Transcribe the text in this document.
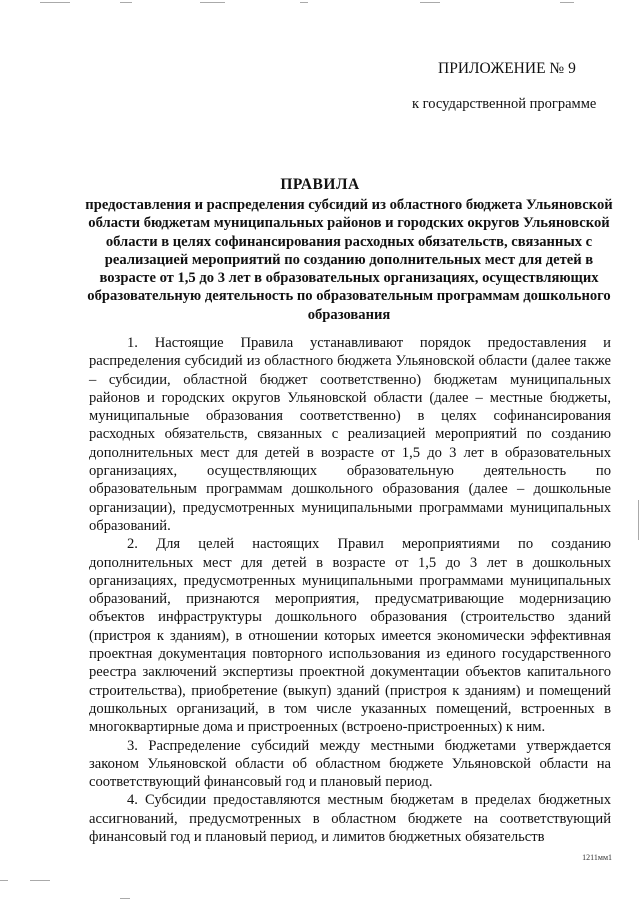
ПРИЛОЖЕНИЕ № 9
к государственной программе
ПРАВИЛА
предоставления и распределения субсидий из областного бюджета Ульяновской области бюджетам муниципальных районов и городских округов Ульяновской области в целях софинансирования расходных обязательств, связанных с реализацией мероприятий по созданию дополнительных мест для детей в возрасте от 1,5 до 3 лет в образовательных организациях, осуществляющих образовательную деятельность по образовательным программам дошкольного образования

1. Настоящие Правила устанавливают порядок предоставления и распределения субсидий из областного бюджета Ульяновской области (далее также – субсидии, областной бюджет соответственно) бюджетам муниципальных районов и городских округов Ульяновской области (далее – местные бюджеты, муниципальные образования соответственно) в целях софинансирования расходных обязательств, связанных с реализацией мероприятий по созданию дополнительных мест для детей в возрасте от 1,5 до 3 лет в образовательных организациях, осуществляющих образовательную деятельность по образовательным программам дошкольного образования (далее – дошкольные организации), предусмотренных муниципальными программами муниципальных образований.

2. Для целей настоящих Правил мероприятиями по созданию дополнительных мест для детей в возрасте от 1,5 до 3 лет в дошкольных организациях, предусмотренных муниципальными программами муниципальных образований, признаются мероприятия, предусматривающие модернизацию объектов инфраструктуры дошкольного образования (строительство зданий (пристроя к зданиям), в отношении которых имеется экономически эффективная проектная документация повторного использования из единого государственного реестра заключений экспертизы проектной документации объектов капитального строительства), приобретение (выкуп) зданий (пристроя к зданиям) и помещений дошкольных организаций, в том числе указанных помещений, встроенных в многоквартирные дома и пристроенных (встроено-пристроенных) к ним.

3. Распределение субсидий между местными бюджетами утверждается законом Ульяновской области об областном бюджете Ульяновской области на соответствующий финансовый год и плановый период.

4. Субсидии предоставляются местным бюджетам в пределах бюджетных ассигнований, предусмотренных в областном бюджете на соответствующий финансовый год и плановый период, и лимитов бюджетных обязательств

1211мм1
